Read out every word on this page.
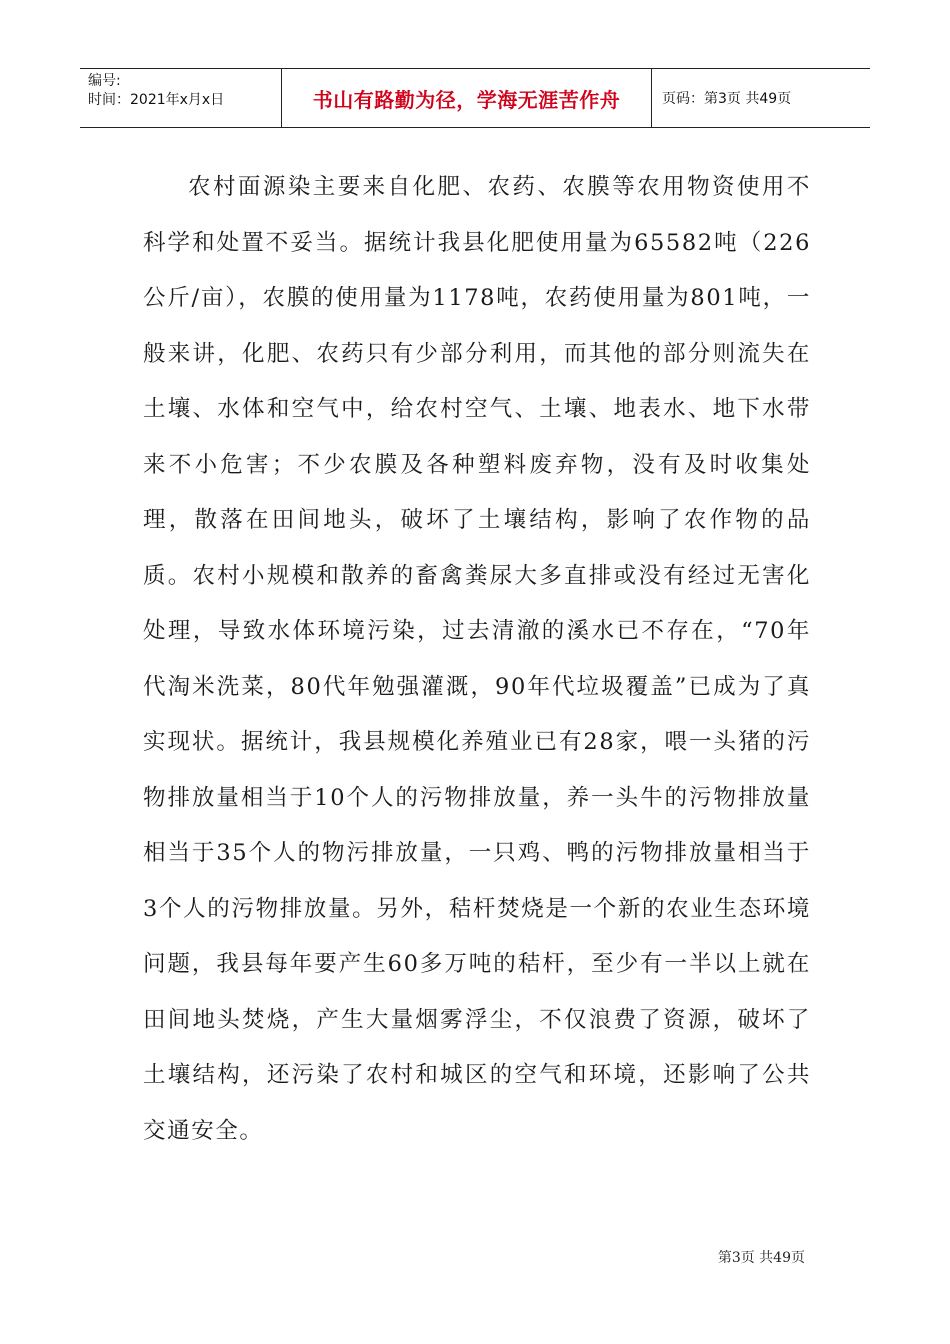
编号:
时间：2021年x月x日	书山有路勤为径，学海无涯苦作舟	页码：第3页 共49页

农村面源染主要来自化肥、农药、农膜等农用物资使用不科学和处置不妥当。据统计我县化肥使用量为65582吨（226公斤/亩），农膜的使用量为1178吨，农药使用量为801吨，一般来讲，化肥、农药只有少部分利用，而其他的部分则流失在土壤、水体和空气中，给农村空气、土壤、地表水、地下水带来不小危害；不少农膜及各种塑料废弃物，没有及时收集处理，散落在田间地头，破坏了土壤结构，影响了农作物的品质。农村小规模和散养的畜禽粪尿大多直排或没有经过无害化处理，导致水体环境污染，过去清澈的溪水已不存在，“70年代淘米洗菜，80代年勉强灌溉，90年代垃圾覆盖”已成为了真实现状。据统计，我县规模化养殖业已有28家，喂一头猪的污物排放量相当于10个人的污物排放量，养一头牛的污物排放量相当于35个人的物污排放量，一只鸡、鸭的污物排放量相当于3个人的污物排放量。另外，秸杆焚烧是一个新的农业生态环境问题，我县每年要产生60多万吨的秸杆，至少有一半以上就在田间地头焚烧，产生大量烟雾浮尘，不仅浪费了资源，破坏了土壤结构，还污染了农村和城区的空气和环境，还影响了公共交通安全。

第3页 共49页
